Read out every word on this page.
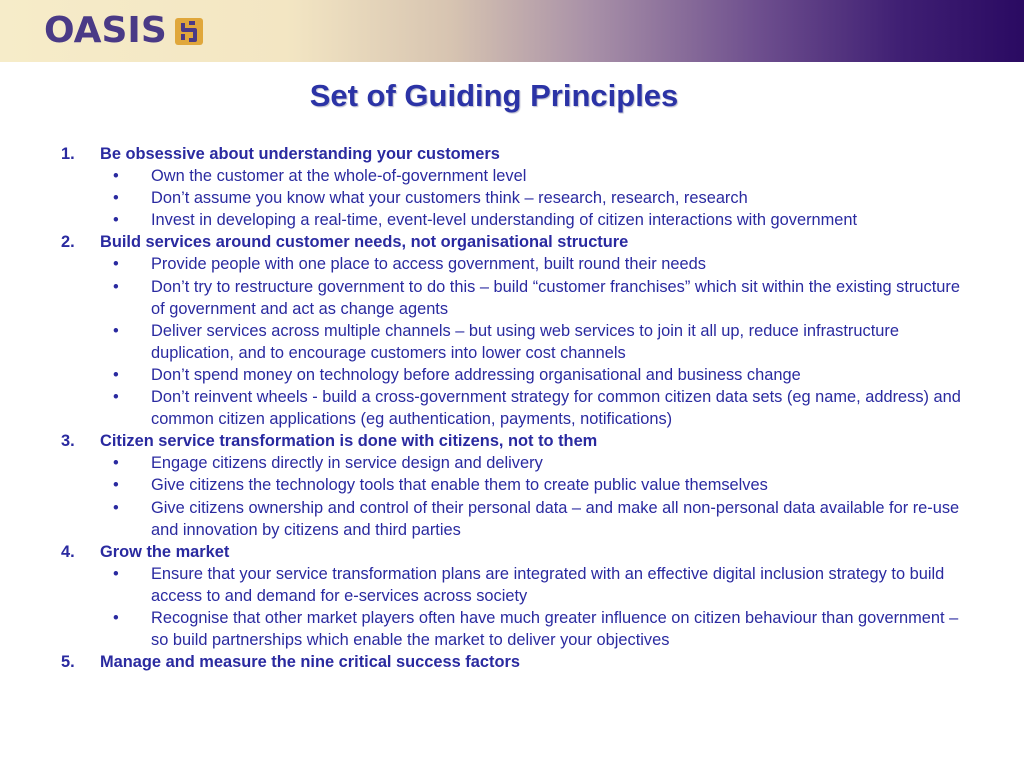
OASIS
Set of Guiding Principles
1.	Be obsessive about understanding your customers
•	Own the customer at the whole-of-government level
•	Don’t assume you know what your customers think – research, research, research
•	Invest in developing a real-time, event-level understanding of citizen interactions with government
2.	Build services around customer needs, not organisational structure
•	Provide people with one place to access government, built round their needs
•	Don’t try to restructure government to do this – build “customer franchises” which sit within the existing structure of government and act as change agents
•	Deliver services across multiple channels – but using web services to join it all up, reduce infrastructure duplication, and to encourage customers into lower cost channels
•	Don’t spend money on technology before addressing organisational and business change
•	Don’t reinvent wheels - build a cross-government strategy for common citizen data sets (eg name, address) and common citizen applications (eg authentication, payments, notifications)
3.	Citizen service transformation is done with citizens, not to them
•	Engage citizens directly in service design and delivery
•	Give citizens the technology tools that enable them to create public value themselves
•	Give citizens ownership and control of their personal data – and make all non-personal data available for re-use and innovation by citizens and third parties
4.	Grow the market
•	Ensure that your service transformation plans are integrated with an effective digital inclusion strategy to build access to and demand for e-services across society
•	Recognise that other market players often have much greater influence on citizen behaviour than government – so build partnerships which enable the market to deliver your objectives
5.	Manage and measure the nine critical success factors
